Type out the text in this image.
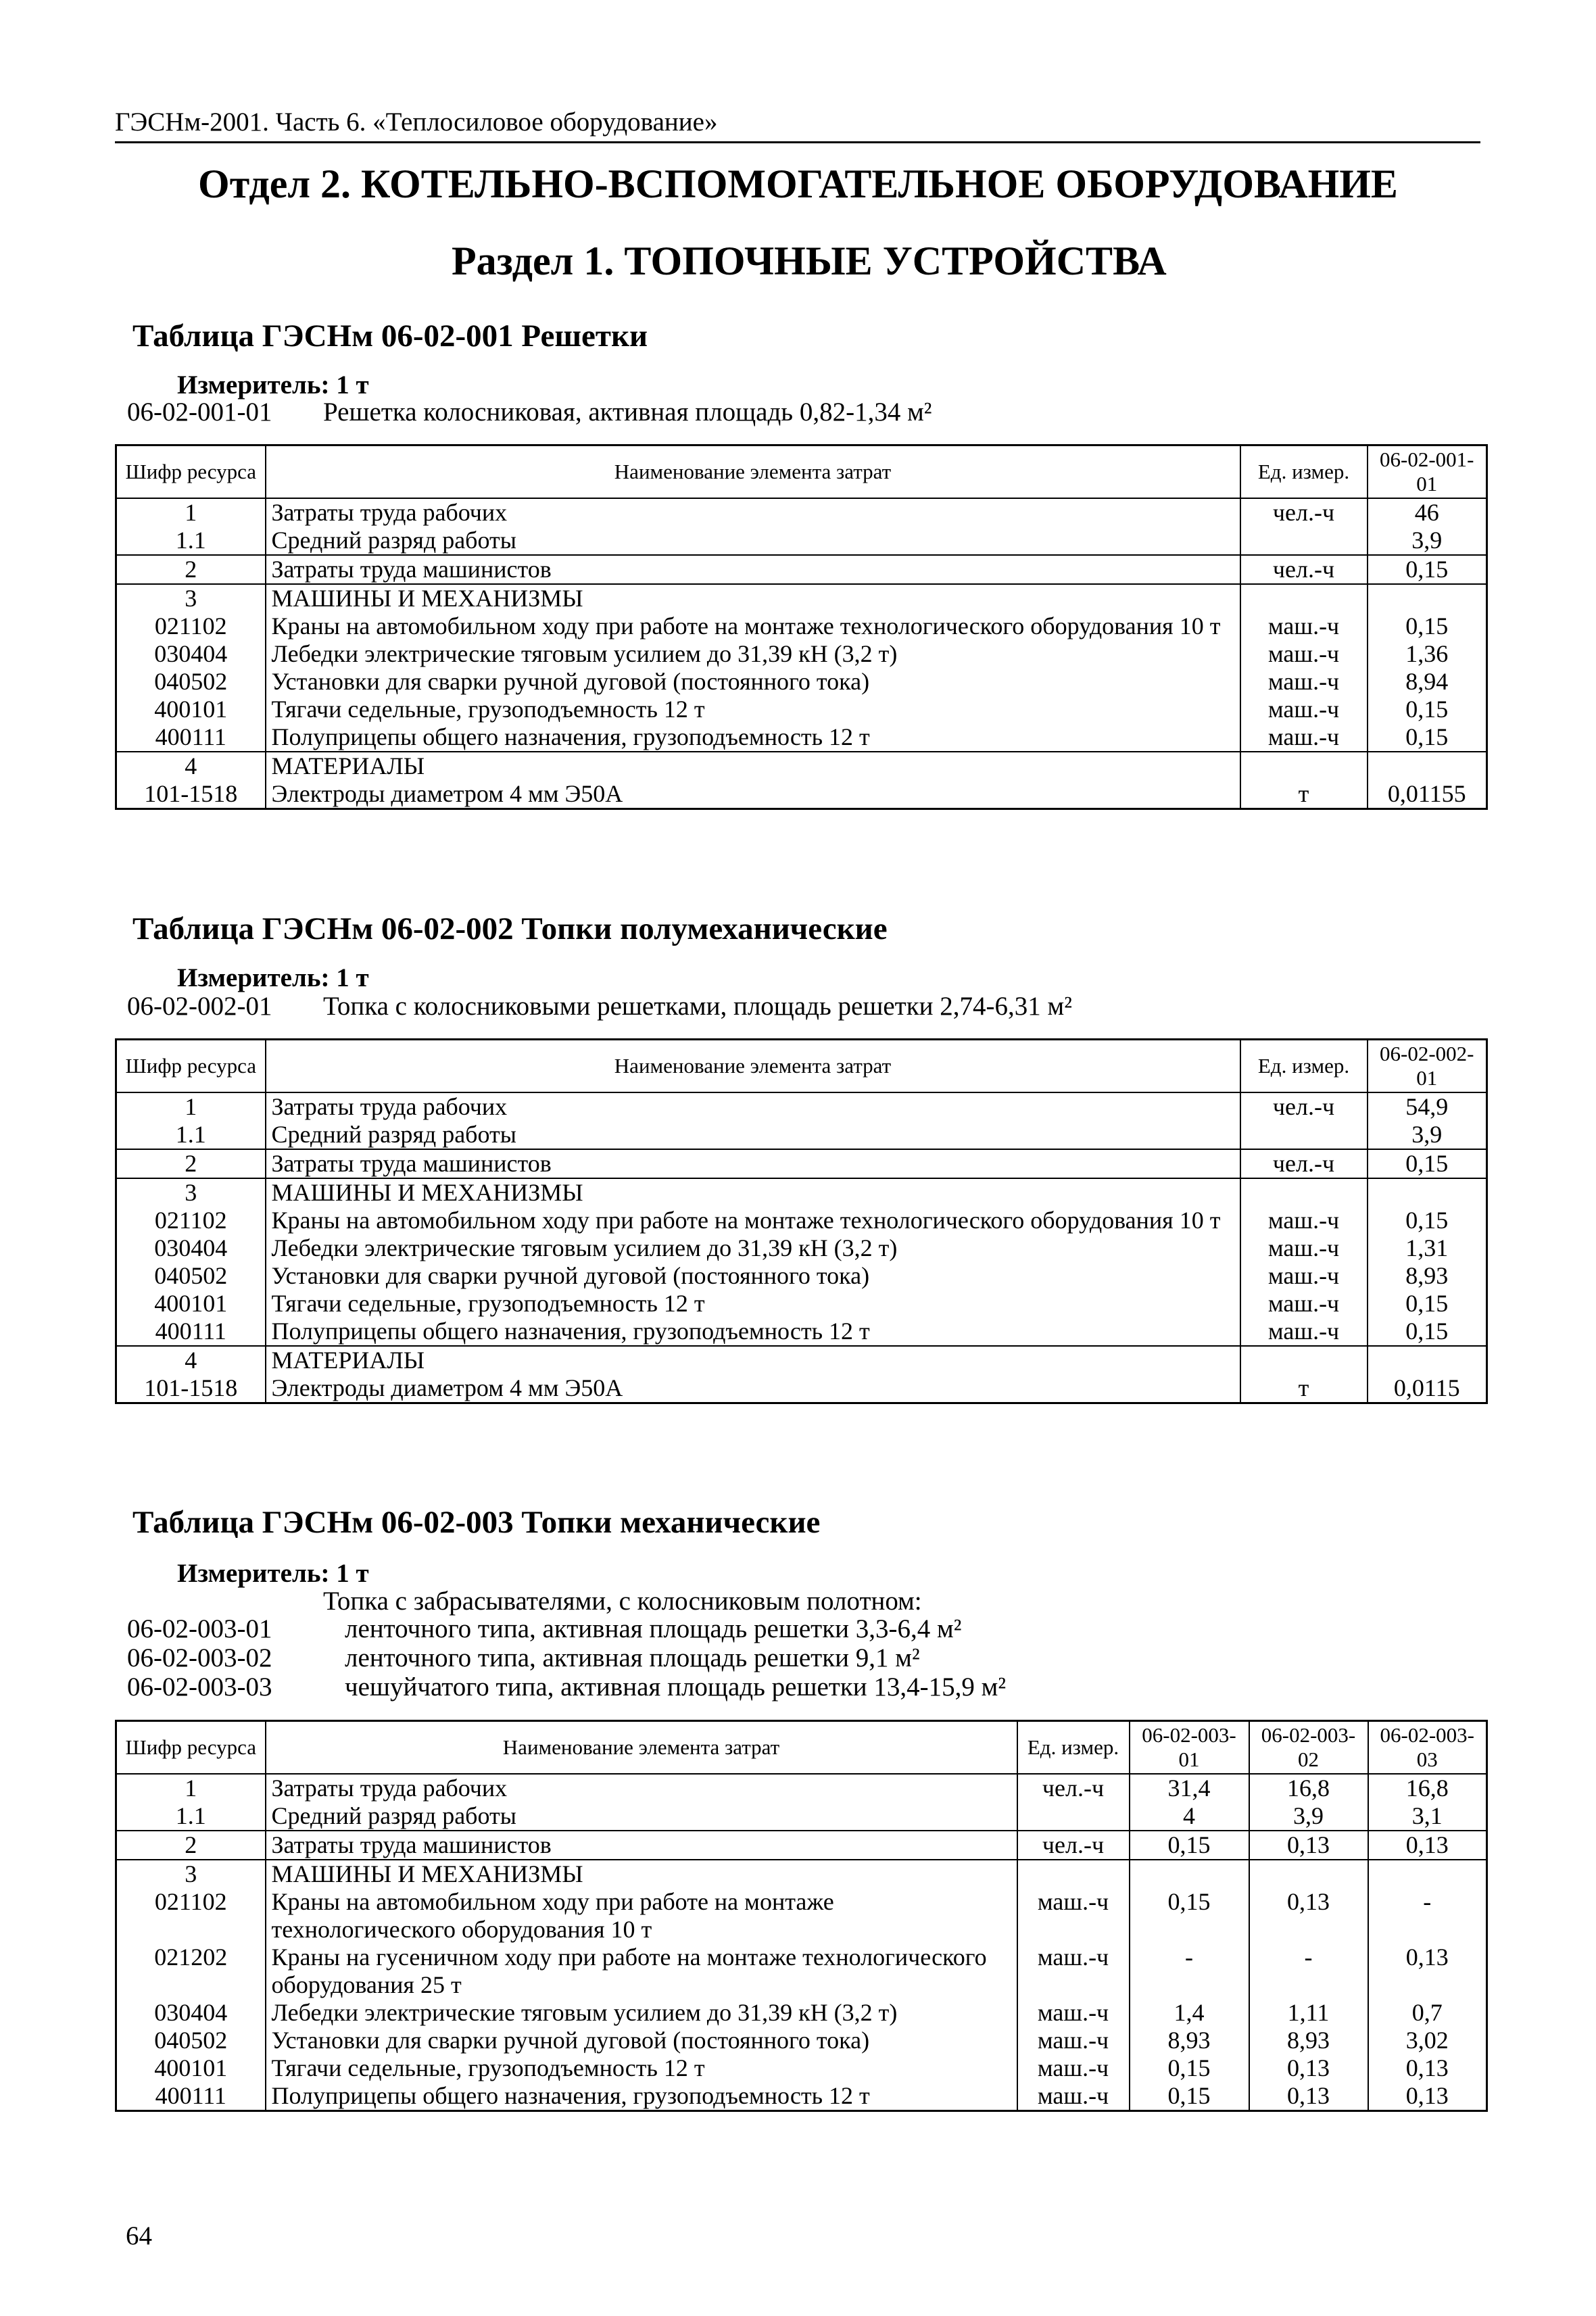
ГЭСНм-2001. Часть 6. «Теплосиловое оборудование»
Отдел 2. КОТЕЛЬНО-ВСПОМОГАТЕЛЬНОЕ ОБОРУДОВАНИЕ
Раздел 1. ТОПОЧНЫЕ УСТРОЙСТВА
Таблица ГЭСНм 06-02-001 Решетки
Измеритель: 1 т
06-02-001-01 Решетка колосниковая, активная площадь 0,82-1,34 м²
Шифр ресурса	Наименование элемента затрат	Ед. измер.	06-02-001-01
1	Затраты труда рабочих	чел.-ч	46
1.1	Средний разряд работы		3,9
2	Затраты труда машинистов	чел.-ч	0,15
3	МАШИНЫ И МЕХАНИЗМЫ		
021102	Краны на автомобильном ходу при работе на монтаже технологического оборудования 10 т	маш.-ч	0,15
030404	Лебедки электрические тяговым усилием до 31,39 кН (3,2 т)	маш.-ч	1,36
040502	Установки для сварки ручной дуговой (постоянного тока)	маш.-ч	8,94
400101	Тягачи седельные, грузоподъемность 12 т	маш.-ч	0,15
400111	Полуприцепы общего назначения, грузоподъемность 12 т	маш.-ч	0,15
4	МАТЕРИАЛЫ		
101-1518	Электроды диаметром 4 мм Э50А	т	0,01155
Таблица ГЭСНм 06-02-002 Топки полумеханические
Измеритель: 1 т
06-02-002-01 Топка с колосниковыми решетками, площадь решетки 2,74-6,31 м²
Шифр ресурса	Наименование элемента затрат	Ед. измер.	06-02-002-01
1	Затраты труда рабочих	чел.-ч	54,9
1.1	Средний разряд работы		3,9
2	Затраты труда машинистов	чел.-ч	0,15
3	МАШИНЫ И МЕХАНИЗМЫ		
021102	Краны на автомобильном ходу при работе на монтаже технологического оборудования 10 т	маш.-ч	0,15
030404	Лебедки электрические тяговым усилием до 31,39 кН (3,2 т)	маш.-ч	1,31
040502	Установки для сварки ручной дуговой (постоянного тока)	маш.-ч	8,93
400101	Тягачи седельные, грузоподъемность 12 т	маш.-ч	0,15
400111	Полуприцепы общего назначения, грузоподъемность 12 т	маш.-ч	0,15
4	МАТЕРИАЛЫ		
101-1518	Электроды диаметром 4 мм Э50А	т	0,0115
Таблица ГЭСНм 06-02-003 Топки механические
Измеритель: 1 т
Топка с забрасывателями, с колосниковым полотном:
06-02-003-01	ленточного типа, активная площадь решетки 3,3-6,4 м²
06-02-003-02	ленточного типа, активная площадь решетки 9,1 м²
06-02-003-03	чешуйчатого типа, активная площадь решетки 13,4-15,9 м²
Шифр ресурса	Наименование элемента затрат	Ед. измер.	06-02-003-01	06-02-003-02	06-02-003-03
1	Затраты труда рабочих	чел.-ч	31,4	16,8	16,8
1.1	Средний разряд работы		4	3,9	3,1
2	Затраты труда машинистов	чел.-ч	0,15	0,13	0,13
3	МАШИНЫ И МЕХАНИЗМЫ				
021102	Краны на автомобильном ходу при работе на монтаже технологического оборудования 10 т	маш.-ч	0,15	0,13	-
021202	Краны на гусеничном ходу при работе на монтаже технологического оборудования 25 т	маш.-ч	-	-	0,13
030404	Лебедки электрические тяговым усилием до 31,39 кН (3,2 т)	маш.-ч	1,4	1,11	0,7
040502	Установки для сварки ручной дуговой (постоянного тока)	маш.-ч	8,93	8,93	3,02
400101	Тягачи седельные, грузоподъемность 12 т	маш.-ч	0,15	0,13	0,13
400111	Полуприцепы общего назначения, грузоподъемность 12 т	маш.-ч	0,15	0,13	0,13
64
